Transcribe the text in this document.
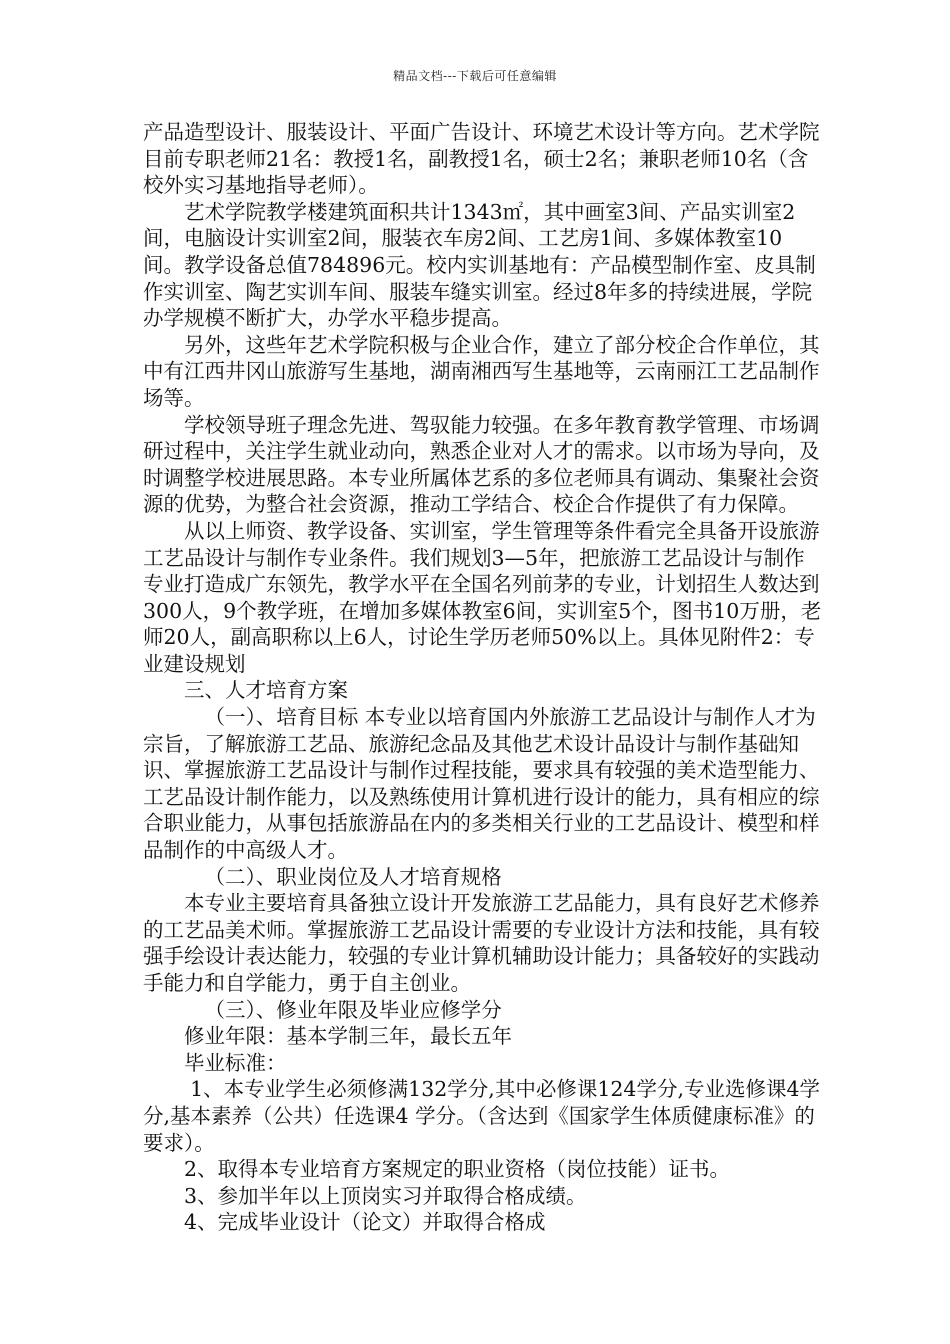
精品文档---下载后可任意编辑

产品造型设计、服装设计、平面广告设计、环境艺术设计等方向。艺术学院目前专职老师21名：教授1名，副教授1名，硕士2名；兼职老师10名（含校外实习基地指导老师）。

艺术学院教学楼建筑面积共计1343㎡，其中画室3间、产品实训室2间，电脑设计实训室2间，服装衣车房2间、工艺房1间、多媒体教室10间。教学设备总值784896元。校内实训基地有：产品模型制作室、皮具制作实训室、陶艺实训车间、服装车缝实训室。经过8年多的持续进展，学院办学规模不断扩大，办学水平稳步提高。

另外，这些年艺术学院积极与企业合作，建立了部分校企合作单位，其中有江西井冈山旅游写生基地，湖南湘西写生基地等，云南丽江工艺品制作场等。

学校领导班子理念先进、驾驭能力较强。在多年教育教学管理、市场调研过程中，关注学生就业动向，熟悉企业对人才的需求。以市场为导向，及时调整学校进展思路。本专业所属体艺系的多位老师具有调动、集聚社会资源的优势，为整合社会资源，推动工学结合、校企合作提供了有力保障。

从以上师资、教学设备、实训室，学生管理等条件看完全具备开设旅游工艺品设计与制作专业条件。我们规划3—5年，把旅游工艺品设计与制作专业打造成广东领先，教学水平在全国名列前茅的专业，计划招生人数达到300人，9个教学班，在增加多媒体教室6间，实训室5个，图书10万册，老师20人，副高职称以上6人，讨论生学历老师50%以上。具体见附件2：专业建设规划

三、人才培育方案

（一）、培育目标 本专业以培育国内外旅游工艺品设计与制作人才为宗旨，了解旅游工艺品、旅游纪念品及其他艺术设计品设计与制作基础知识、掌握旅游工艺品设计与制作过程技能，要求具有较强的美术造型能力、工艺品设计制作能力，以及熟练使用计算机进行设计的能力，具有相应的综合职业能力，从事包括旅游品在内的多类相关行业的工艺品设计、模型和样品制作的中高级人才。

（二）、职业岗位及人才培育规格

本专业主要培育具备独立设计开发旅游工艺品能力，具有良好艺术修养的工艺品美术师。掌握旅游工艺品设计需要的专业设计方法和技能，具有较强手绘设计表达能力，较强的专业计算机辅助设计能力；具备较好的实践动手能力和自学能力，勇于自主创业。

（三）、修业年限及毕业应修学分

修业年限：基本学制三年，最长五年

毕业标准：

1、本专业学生必须修满132学分,其中必修课124学分,专业选修课4学分,基本素养（公共）任选课4 学分。（含达到《国家学生体质健康标准》的要求）。

2、取得本专业培育方案规定的职业资格（岗位技能）证书。

3、参加半年以上顶岗实习并取得合格成绩。

4、完成毕业设计（论文）并取得合格成
